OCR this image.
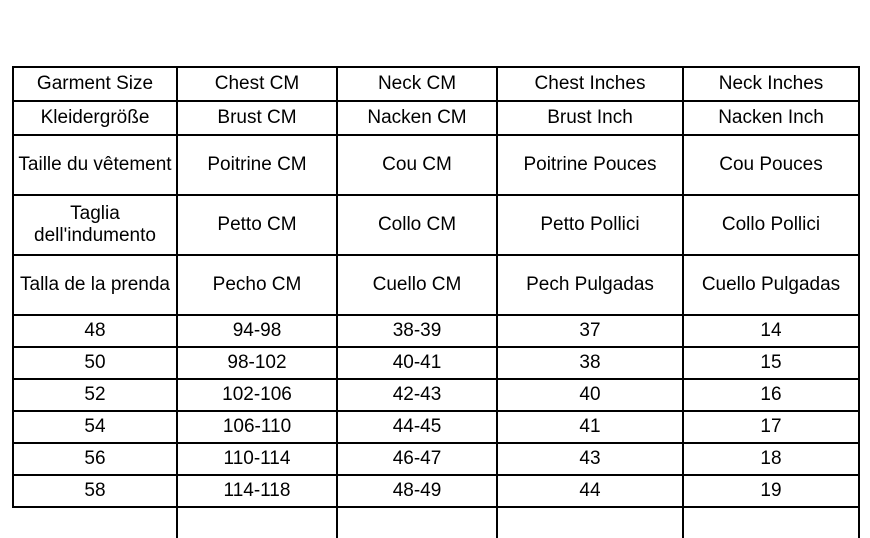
Garment Size	Chest CM	Neck CM	Chest Inches	Neck Inches
Kleidergröße	Brust CM	Nacken CM	Brust Inch	Nacken Inch
Taille du vêtement	Poitrine CM	Cou CM	Poitrine Pouces	Cou Pouces
Taglia dell'indumento	Petto CM	Collo CM	Petto Pollici	Collo Pollici
Talla de la prenda	Pecho CM	Cuello CM	Pech Pulgadas	Cuello Pulgadas
48	94-98	38-39	37	14
50	98-102	40-41	38	15
52	102-106	42-43	40	16
54	106-110	44-45	41	17
56	110-114	46-47	43	18
58	114-118	48-49	44	19
